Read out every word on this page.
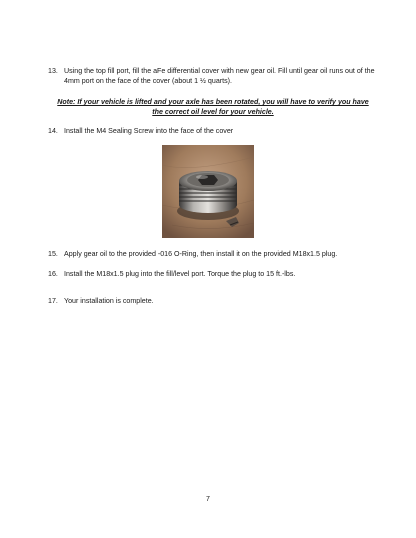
13. Using the top fill port, fill the aFe differential cover with new gear oil. Fill until gear oil runs out of the 4mm port on the face of the cover (about 1 ½ quarts).
Note: If your vehicle is lifted and your axle has been rotated, you will have to verify you have
the correct oil level for your vehicle.
14. Install the M4 Sealing Screw into the face of the cover
15. Apply gear oil to the provided -016 O-Ring, then install it on the provided M18x1.5 plug.
16. Install the M18x1.5 plug into the fill/level port. Torque the plug to 15 ft.-lbs.
17. Your installation is complete.
7
